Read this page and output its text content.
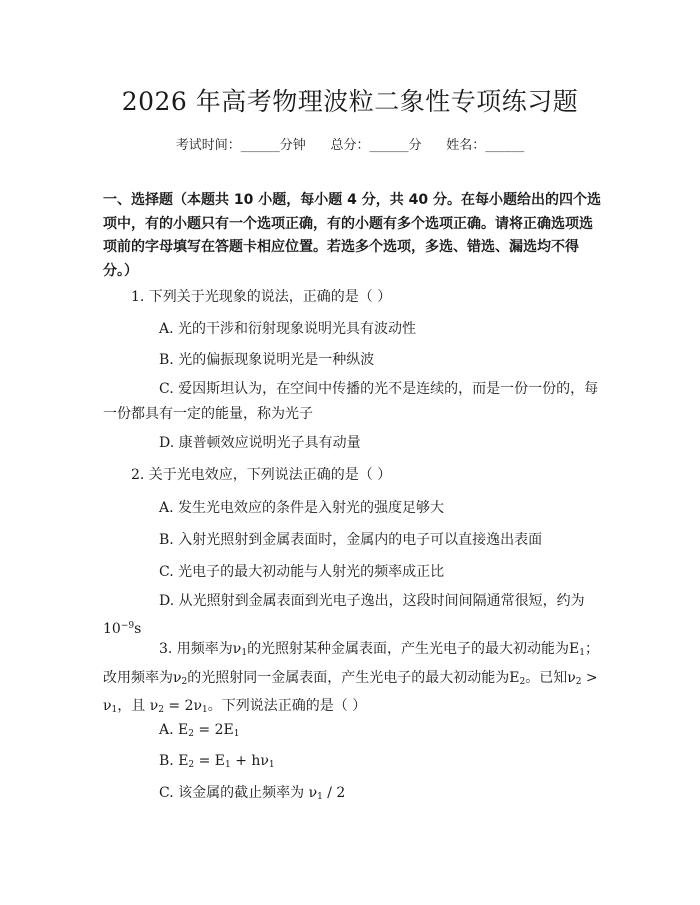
2026 年高考物理波粒二象性专项练习题
考试时间：______分钟      总分：______分      姓名：______
一、选择题（本题共 10 小题，每小题 4 分，共 40 分。在每小题给出的四个选项中，有的小题只有一个选项正确，有的小题有多个选项正确。请将正确选项选项前的字母填写在答题卡相应位置。若选多个选项，多选、错选、漏选均不得分。）
1. 下列关于光现象的说法，正确的是（ ）
A. 光的干涉和衍射现象说明光具有波动性
B. 光的偏振现象说明光是一种纵波
C. 爱因斯坦认为，在空间中传播的光不是连续的，而是一份一份的，每一份都具有一定的能量，称为光子
D. 康普顿效应说明光子具有动量
2. 关于光电效应，下列说法正确的是（ ）
A. 发生光电效应的条件是入射光的强度足够大
B. 入射光照射到金属表面时，金属内的电子可以直接逸出表面
C. 光电子的最大初动能与人射光的频率成正比
D. 从光照射到金属表面到光电子逸出，这段时间间隔通常很短，约为 $10^{-9}s$
3. 用频率为$\nu_1$的光照射某种金属表面，产生光电子的最大初动能为$E_1$；改用频率为$\nu_2$的光照射同一金属表面，产生光电子的最大初动能为$E_2$。已知$\nu_2 > \nu_1$，且 $\nu_2 = 2\nu_1$。下列说法正确的是（ ）
A. $E_2 = 2E_1$
B. $E_2 = E_1 + h\nu_1$
C. 该金属的截止频率为 $\nu_1 / 2$
